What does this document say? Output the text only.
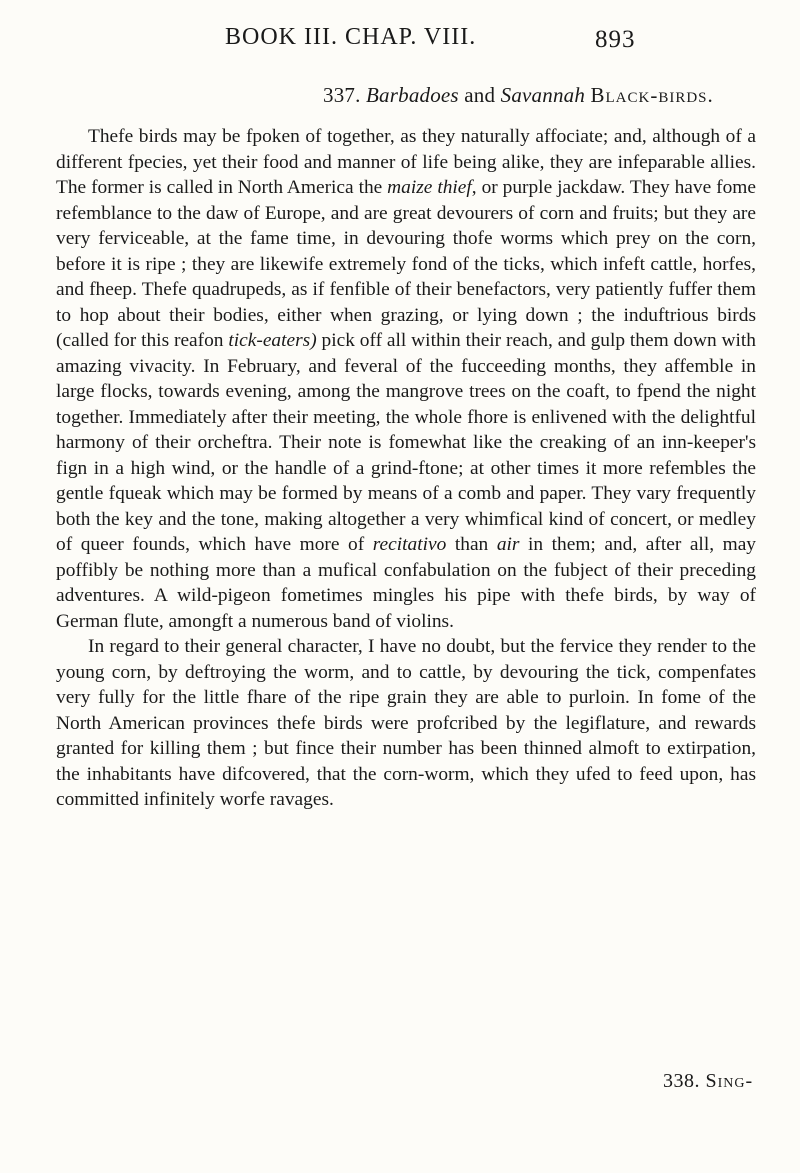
BOOK III. CHAP. VIII.	893
337. Barbadoes and Savannah Black-birds.

Thefe birds may be fpoken of together, as they naturally affociate; and, although of a different fpecies, yet their food and manner of life being alike, they are infeparable allies. The former is called in North America the maize thief, or purple jackdaw. They have fome refemblance to the daw of Europe, and are great devourers of corn and fruits; but they are very ferviceable, at the fame time, in devouring thofe worms which prey on the corn, before it is ripe ; they are likewife extremely fond of the ticks, which infeft cattle, horfes, and fheep. Thefe quadrupeds, as if fenfible of their benefactors, very patiently fuffer them to hop about their bodies, either when grazing, or lying down ; the induftrious birds (called for this reafon tick-eaters) pick off all within their reach, and gulp them down with amazing vivacity. In February, and feveral of the fucceeding months, they affemble in large flocks, towards evening, among the mangrove trees on the coaft, to fpend the night together. Immediately after their meeting, the whole fhore is enlivened with the delightful harmony of their orcheftra. Their note is fomewhat like the creaking of an inn-keeper's fign in a high wind, or the handle of a grind-ftone; at other times it more refembles the gentle fqueak which may be formed by means of a comb and paper. They vary frequently both the key and the tone, making altogether a very whimfical kind of concert, or medley of queer founds, which have more of recitativo than air in them; and, after all, may poffibly be nothing more than a mufical confabulation on the fubject of their preceding adventures. A wild-pigeon fometimes mingles his pipe with thefe birds, by way of German flute, amongft a numerous band of violins.

In regard to their general character, I have no doubt, but the fervice they render to the young corn, by deftroying the worm, and to cattle, by devouring the tick, compenfates very fully for the little fhare of the ripe grain they are able to purloin. In fome of the North American provinces thefe birds were profcribed by the legiflature, and rewards granted for killing them ; but fince their number has been thinned almoft to extirpation, the inhabitants have difcovered, that the corn-worm, which they ufed to feed upon, has committed infinitely worfe ravages.

338. Sing-
